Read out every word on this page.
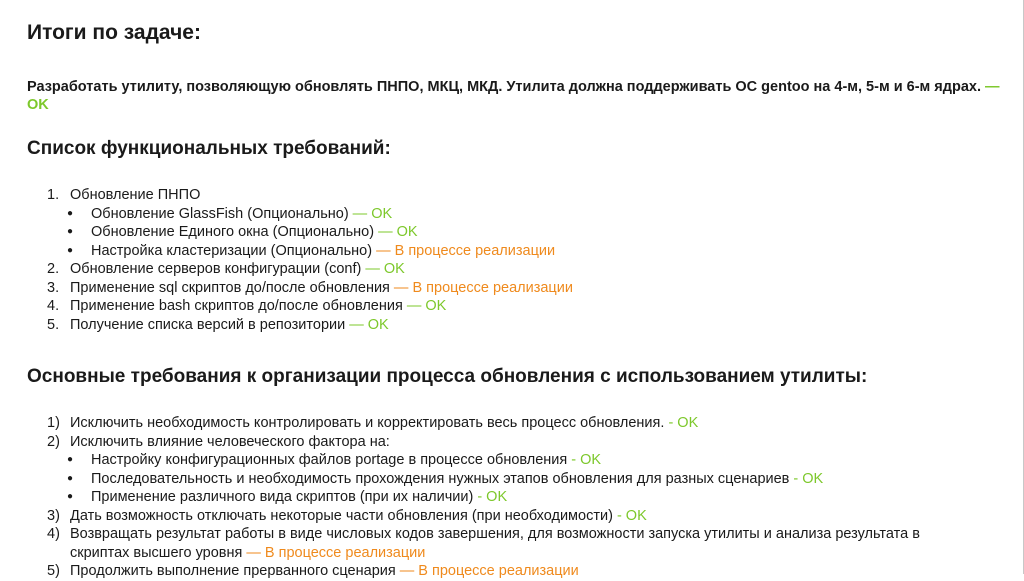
Итоги по задаче:

Разработать утилиту, позволяющую обновлять ПНПО, МКЦ, МКД. Утилита должна поддерживать ОС gentoo на 4-м, 5-м и 6-м ядрах. — OK

Список функциональных требований:
1. Обновление ПНПО
● Обновление GlassFish (Опционально) — OK
● Обновление Единого окна (Опционально) — OK
● Настройка кластеризации (Опционально) — В процессе реализации
2. Обновление серверов конфигурации (conf) — OK
3. Применение sql скриптов до/после обновления — В процессе реализации
4. Применение bash скриптов до/после обновления — OK
5. Получение списка версий в репозитории — OK
Основные требования к организации процесса обновления с использованием утилиты:
1) Исключить необходимость контролировать и корректировать весь процесс обновления. - OK
2) Исключить влияние человеческого фактора на:
● Настройку конфигурационных файлов portage в процессе обновления - OK
● Последовательность и необходимость прохождения нужных этапов обновления для разных сценариев - OK
● Применение различного вида скриптов (при их наличии) - OK
3) Дать возможность отключать некоторые части обновления (при необходимости) - OK
4) Возвращать результат работы в виде числовых кодов завершения, для возможности запуска утилиты и анализа результата в
скриптах высшего уровня — В процессе реализации
5) Продолжить выполнение прерванного сценария — В процессе реализации
